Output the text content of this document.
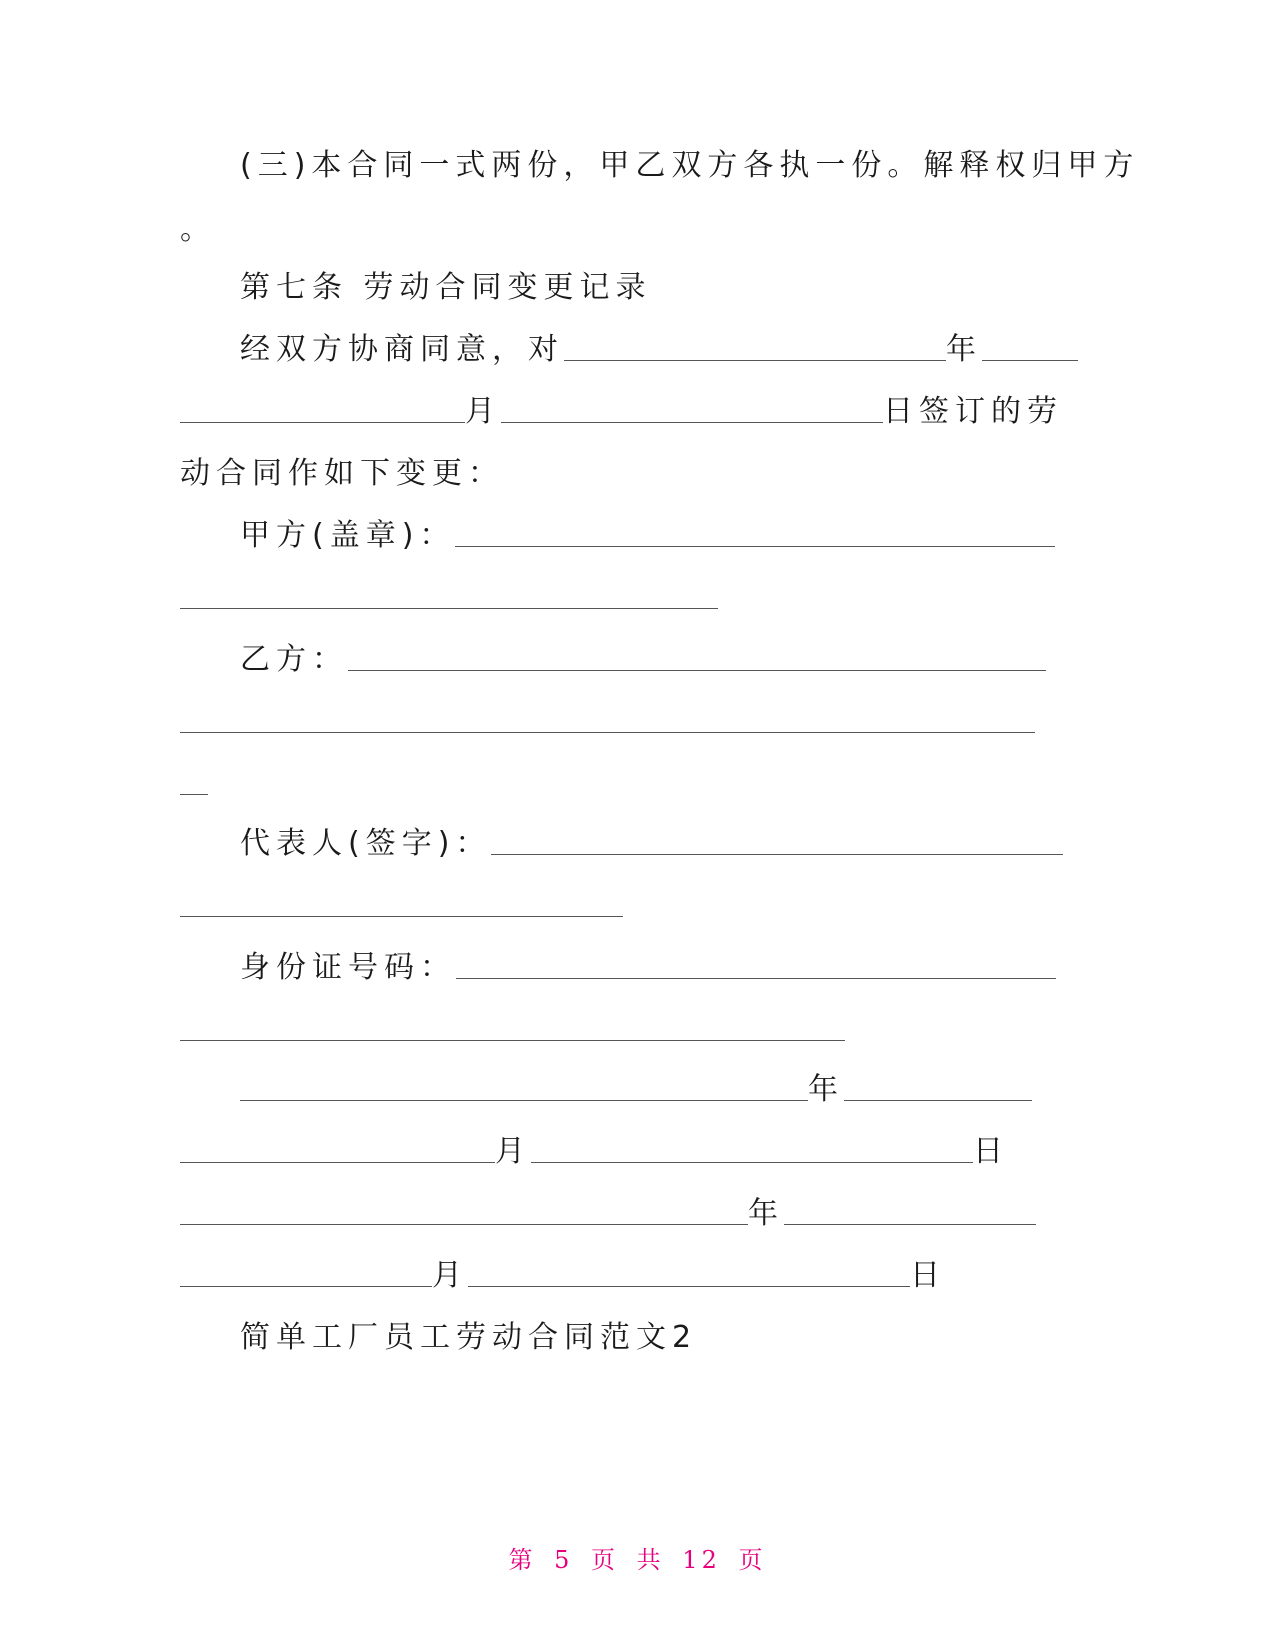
(三)本合同一式两份，甲乙双方各执一份。解释权归甲方
。
第七条 劳动合同变更记录
经双方协商同意，对	年
月	日签订的劳
动合同作如下变更：
甲方(盖章)：
乙方：
代表人(签字)：
身份证号码：
年
月	日
年
月	日
简单工厂员工劳动合同范文2
第 5 页 共 12 页
